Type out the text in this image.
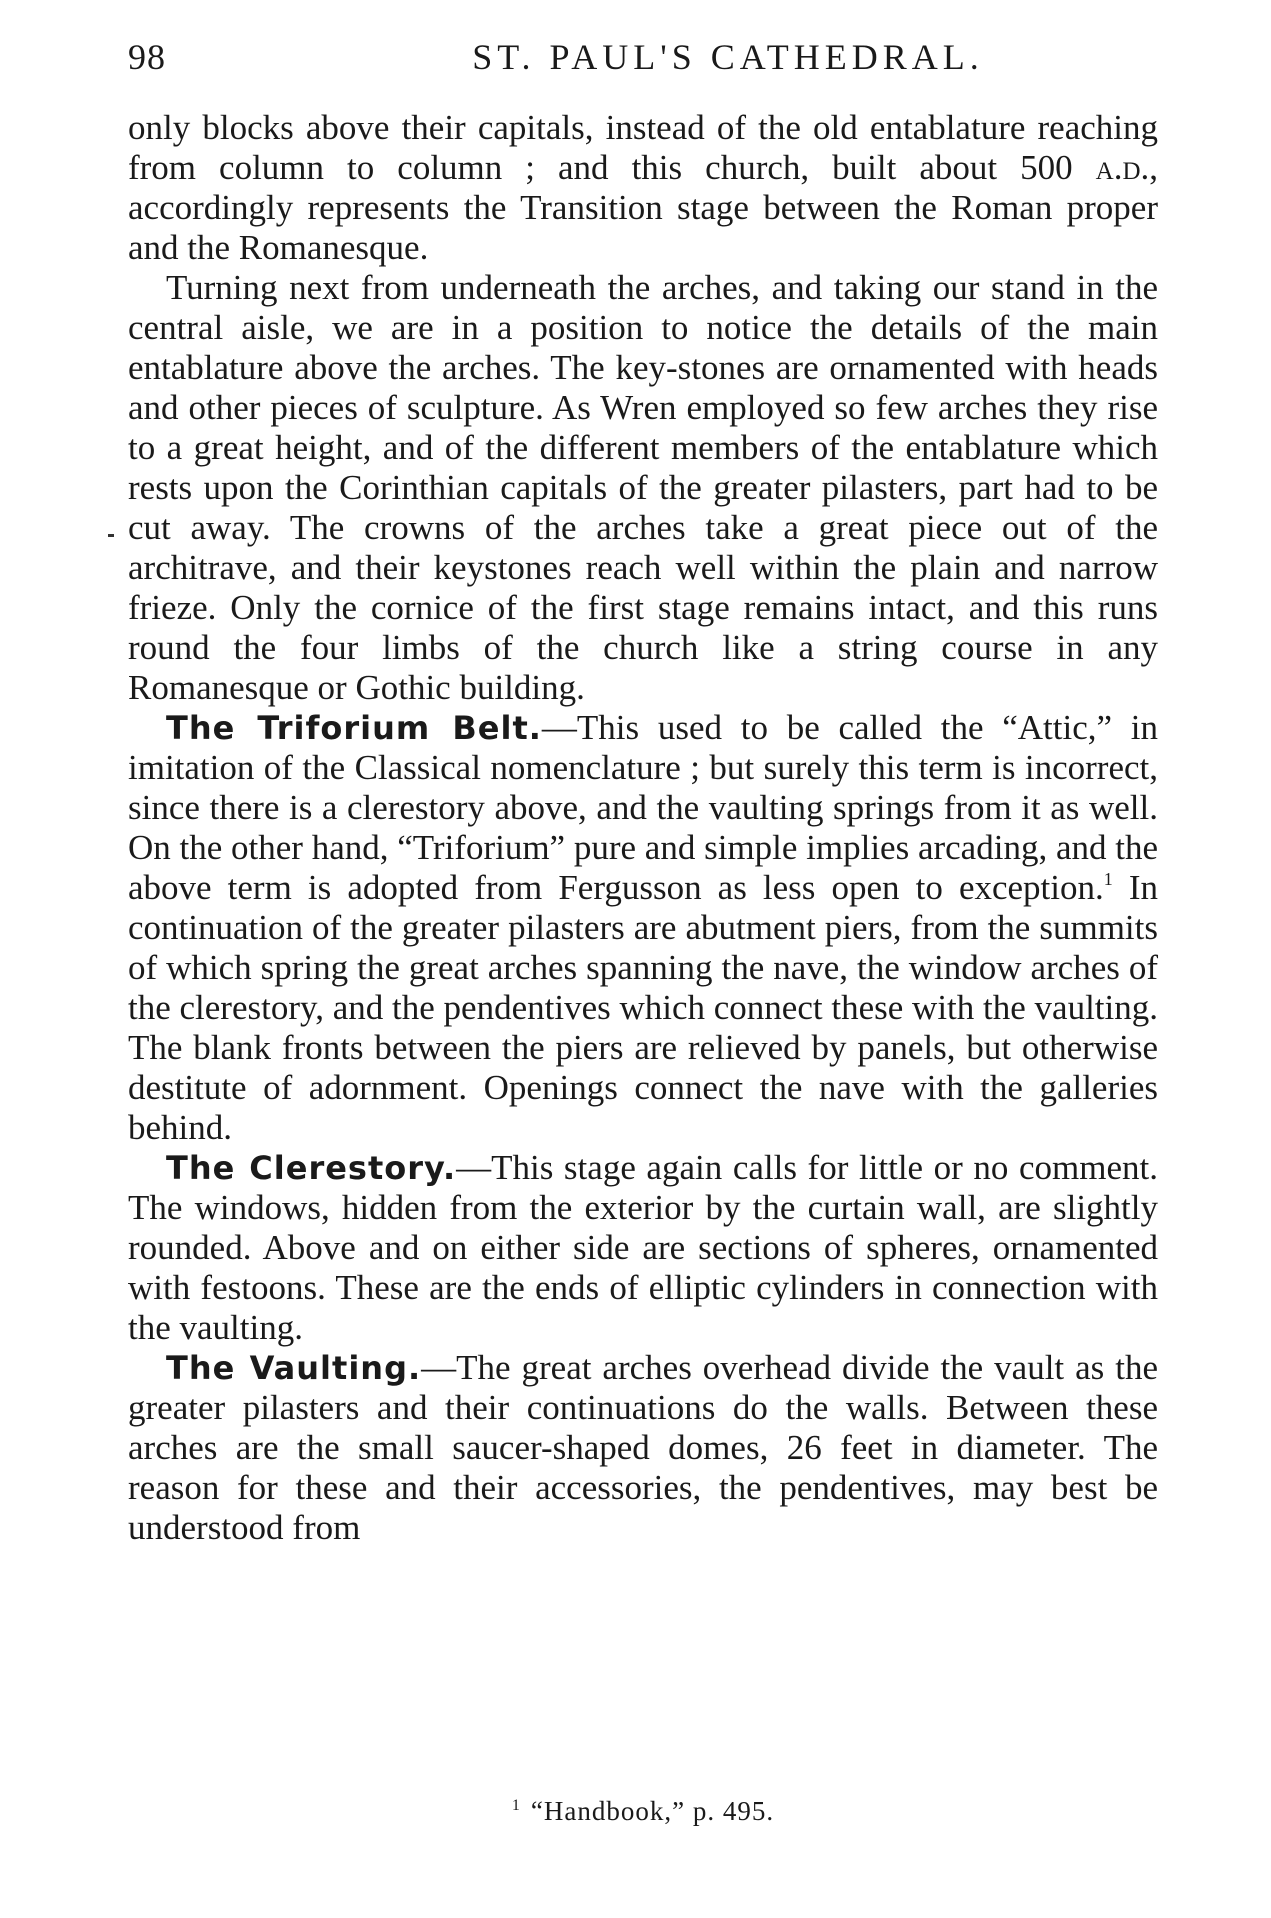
98	ST. PAUL'S CATHEDRAL.

only blocks above their capitals, instead of the old entablature reaching from column to column ; and this church, built about 500 a.d., accordingly represents the Transition stage between the Roman proper and the Romanesque.

Turning next from underneath the arches, and taking our stand in the central aisle, we are in a position to notice the details of the main entablature above the arches. The key-stones are ornamented with heads and other pieces of sculpture. As Wren employed so few arches they rise to a great height, and of the different members of the entablature which rests upon the Corinthian capitals of the greater pilasters, part had to be cut away. The crowns of the arches take a great piece out of the architrave, and their keystones reach well within the plain and narrow frieze. Only the cornice of the first stage remains intact, and this runs round the four limbs of the church like a string course in any Romanesque or Gothic building.

The Triforium Belt.—This used to be called the “Attic,” in imitation of the Classical nomenclature ; but surely this term is incorrect, since there is a clerestory above, and the vaulting springs from it as well. On the other hand, “Triforium” pure and simple implies arcading, and the above term is adopted from Fergusson as less open to exception.$^1$ In continuation of the greater pilasters are abutment piers, from the summits of which spring the great arches spanning the nave, the window arches of the clerestory, and the pendentives which connect these with the vaulting. The blank fronts between the piers are relieved by panels, but otherwise destitute of adornment. Openings connect the nave with the galleries behind.

The Clerestory.—This stage again calls for little or no comment. The windows, hidden from the exterior by the curtain wall, are slightly rounded. Above and on either side are sections of spheres, ornamented with festoons. These are the ends of elliptic cylinders in connection with the vaulting.

The Vaulting.—The great arches overhead divide the vault as the greater pilasters and their continuations do the walls. Between these arches are the small saucer-shaped domes, 26 feet in diameter. The reason for these and their accessories, the pendentives, may best be understood from

$^1$ “Handbook,” p. 495.
